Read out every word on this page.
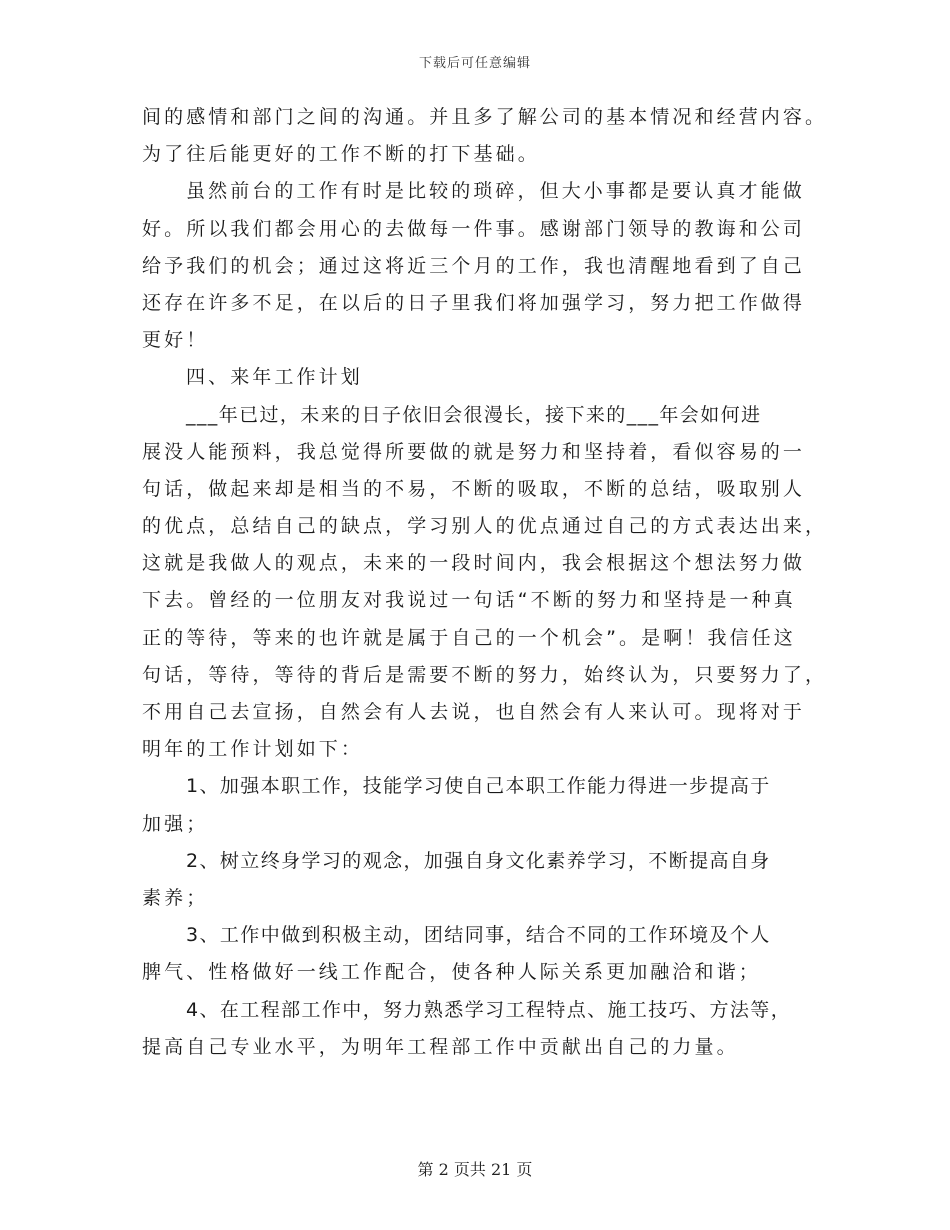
下载后可任意编辑
间的感情和部门之间的沟通。并且多了解公司的基本情况和经营内容。
为了往后能更好的工作不断的打下基础。
虽然前台的工作有时是比较的琐碎，但大小事都是要认真才能做
好。所以我们都会用心的去做每一件事。感谢部门领导的教诲和公司
给予我们的机会；通过这将近三个月的工作，我也清醒地看到了自己
还存在许多不足，在以后的日子里我们将加强学习，努力把工作做得
更好！
四、来年工作计划
___年已过，未来的日子依旧会很漫长，接下来的___年会如何进
展没人能预料，我总觉得所要做的就是努力和坚持着，看似容易的一
句话，做起来却是相当的不易，不断的吸取，不断的总结，吸取别人
的优点，总结自己的缺点，学习别人的优点通过自己的方式表达出来，
这就是我做人的观点，未来的一段时间内，我会根据这个想法努力做
下去。曾经的一位朋友对我说过一句话“不断的努力和坚持是一种真
正的等待，等来的也许就是属于自己的一个机会”。是啊！我信任这
句话，等待，等待的背后是需要不断的努力，始终认为，只要努力了，
不用自己去宣扬，自然会有人去说，也自然会有人来认可。现将对于
明年的工作计划如下：
1、加强本职工作，技能学习使自己本职工作能力得进一步提高于
加强；
2、树立终身学习的观念，加强自身文化素养学习，不断提高自身
素养；
3、工作中做到积极主动，团结同事，结合不同的工作环境及个人
脾气、性格做好一线工作配合，使各种人际关系更加融洽和谐；
4、在工程部工作中，努力熟悉学习工程特点、施工技巧、方法等，
提高自己专业水平，为明年工程部工作中贡献出自己的力量。
第 2 页共 21 页
